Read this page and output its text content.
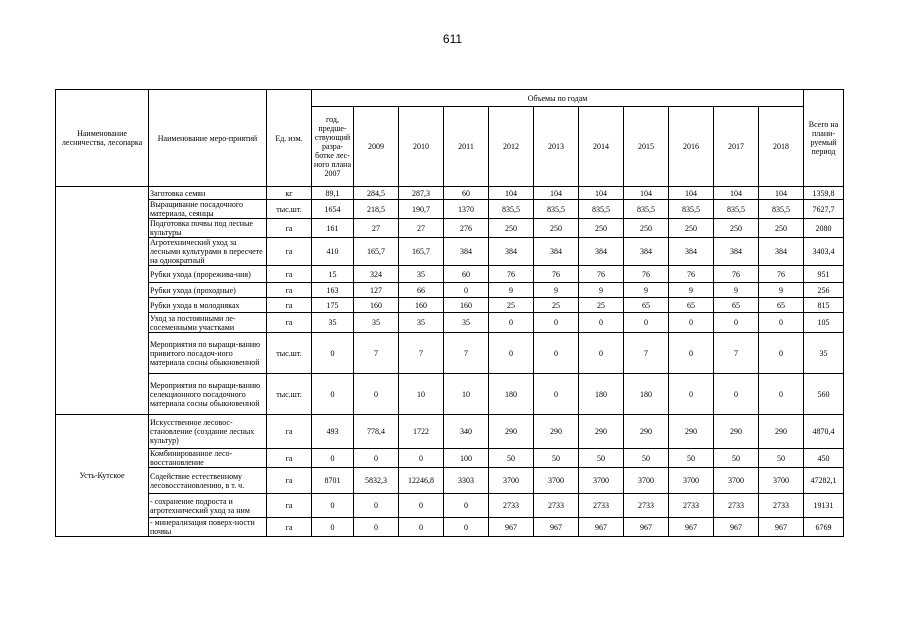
611
Наименование лесничества, лесопарка	Наименование меро-приятий	Ед. изм.	Объемы по годам											Всего на плани-руемый период
			год, предше-ствующий разра-ботке лес-ного плана 2007	2009	2010	2011	2012	2013	2014	2015	2016	2017	2018	
	Заготовка семян	кг	89,1	284,5	287,3	60	104	104	104	104	104	104	104	1359,8
	Выращивание посадочного материала, сеянцы	тыс.шт.	1654	218,5	190,7	1370	835,5	835,5	835,5	835,5	835,5	835,5	835,5	7627,7
	Подготовка почвы под лесные культуры	га	161	27	27	276	250	250	250	250	250	250	250	2080
	Агротехнический уход за лесными культурами в пересчете на однократный	га	410	165,7	165,7	384	384	384	384	384	384	384	384	3403,4
	Рубки ухода (прорежива-ния)	га	15	324	35	60	76	76	76	76	76	76	76	951
	Рубки ухода (проходные)	га	163	127	66	0	9	9	9	9	9	9	9	256
	Рубки ухода в молодняках	га	175	160	160	160	25	25	25	65	65	65	65	815
	Уход за постоянными ле-сосеменными участками	га	35	35	35	35	0	0	0	0	0	0	0	105
	Мероприятия по выращи-ванию привитого посадоч-ного материала сосны обыкновенной	тыс.шт.	0	7	7	7	0	0	0	7	0	7	0	35
	Мероприятия по выращи-ванию селекционного посадочного материала сосны обыкновенной	тыс.шт.	0	0	10	10	180	0	180	180	0	0	0	560
Усть-Кутское	Искусственное лесовос-становление (создание лесных культур)	га	493	778,4	1722	340	290	290	290	290	290	290	290	4870,4
	Комбинированное лесо-восстановление	га	0	0	0	100	50	50	50	50	50	50	50	450
	Содействие естественному лесовосстановлению, в т. ч.	га	8701	5832,3	12246,8	3303	3700	3700	3700	3700	3700	3700	3700	47282,1
	- сохранение подроста и агротехнический уход за ним	га	0	0	0	0	2733	2733	2733	2733	2733	2733	2733	19131
	- минерализация поверх-ности почвы	га	0	0	0	0	967	967	967	967	967	967	967	6769
